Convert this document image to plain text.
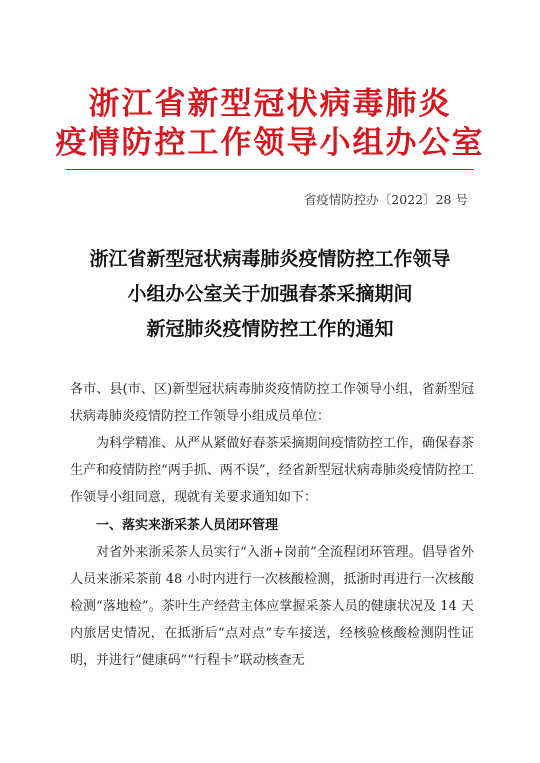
浙江省新型冠状病毒肺炎
疫情防控工作领导小组办公室
省疫情防控办〔2022〕28 号
浙江省新型冠状病毒肺炎疫情防控工作领导
小组办公室关于加强春茶采摘期间
新冠肺炎疫情防控工作的通知
各市、县(市、区)新型冠状病毒肺炎疫情防控工作领导小组，省新型冠状病毒肺炎疫情防控工作领导小组成员单位：
为科学精准、从严从紧做好春茶采摘期间疫情防控工作，确保春茶生产和疫情防控“两手抓、两不误”，经省新型冠状病毒肺炎疫情防控工作领导小组同意，现就有关要求通知如下：
一、落实来浙采茶人员闭环管理
对省外来浙采茶人员实行“入浙+岗前”全流程闭环管理。倡导省外人员来浙采茶前 48 小时内进行一次核酸检测，抵浙时再进行一次核酸检测“落地检”。茶叶生产经营主体应掌握采茶人员的健康状况及 14 天内旅居史情况，在抵浙后“点对点”专车接送，经核验核酸检测阴性证明，并进行“健康码”“行程卡”联动核查无
